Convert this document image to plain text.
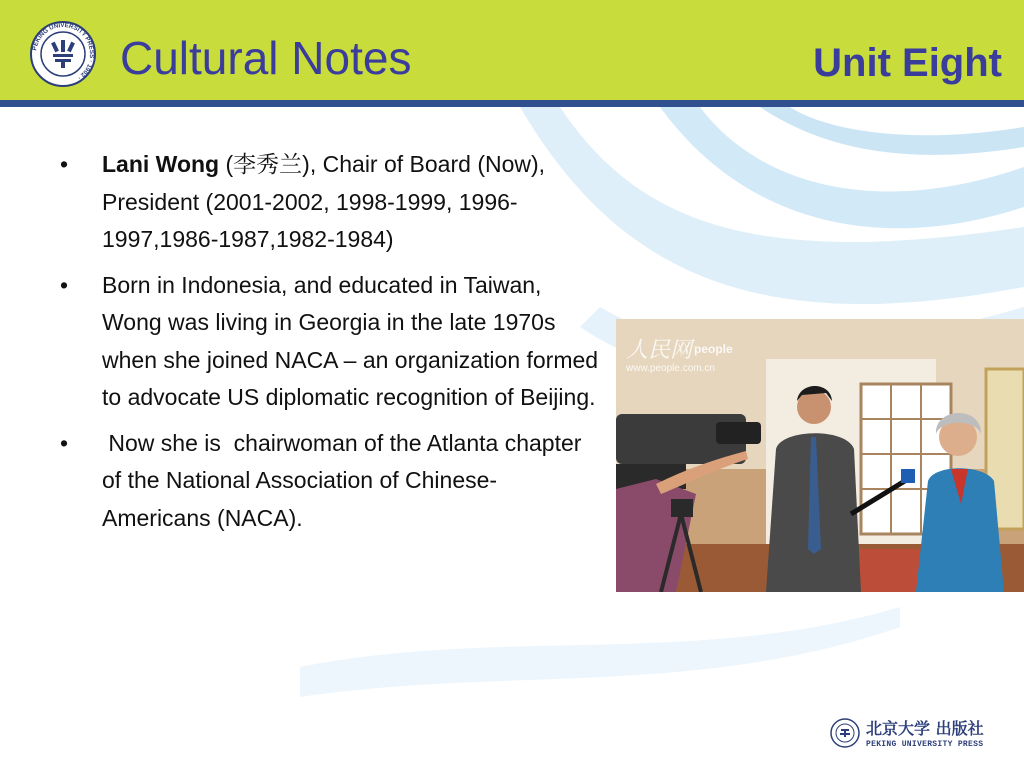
PEKING UNIVERSITY PRESS · 1902 · Cultural Notes	Unit Eight
•	Lani Wong (李秀兰), Chair of Board (Now), President (2001-2002, 1998-1999, 1996-1997,1986-1987,1982-1984)
•	Born in Indonesia, and educated in Taiwan, Wong was living in Georgia in the late 1970s when she joined NACA – an organization formed to advocate US diplomatic recognition of Beijing.
•	Now she is  chairwoman of the Atlanta chapter of the National Association of Chinese-Americans (NACA).
人民网 people
www.people.com.cn
北京大学 出版社
PEKING UNIVERSITY PRESS
